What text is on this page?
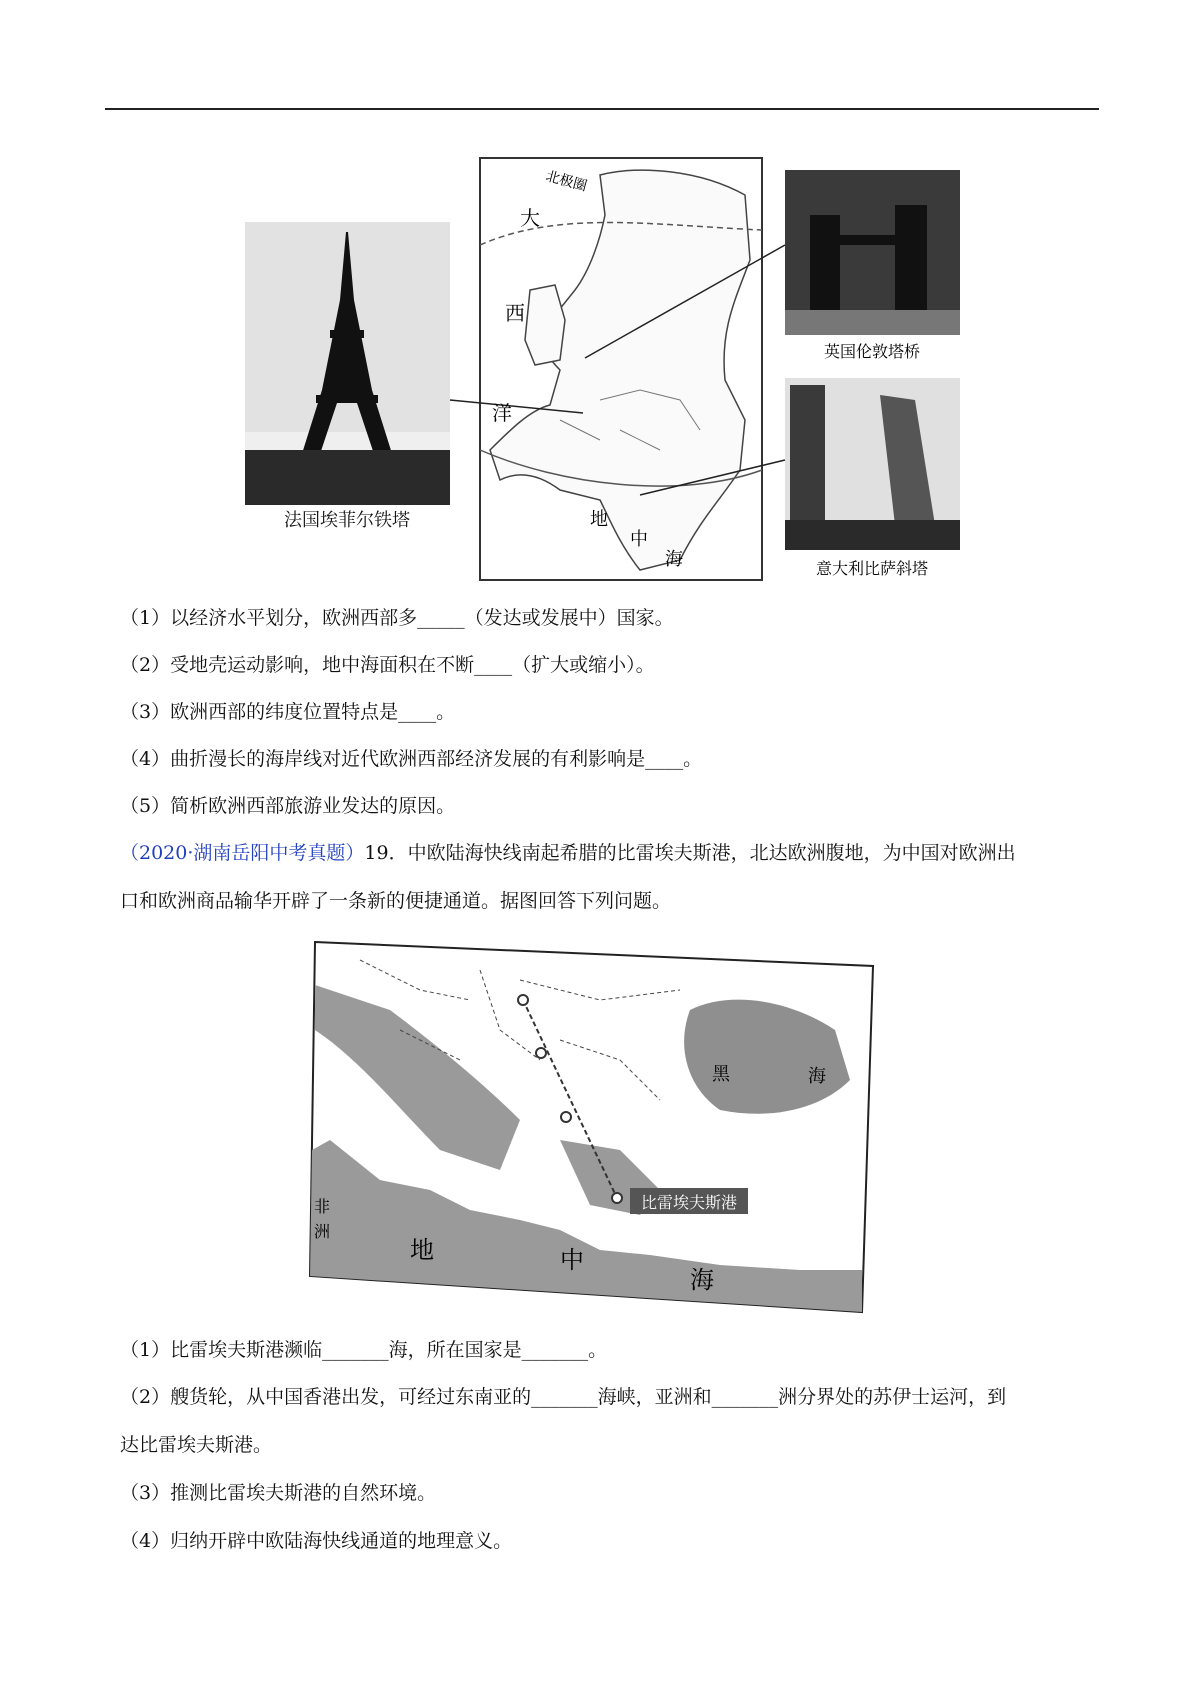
法国埃菲尔铁塔
北极圈
大
西
洋
地
中
海
英国伦敦塔桥
意大利比萨斜塔
（1）以经济水平划分，欧洲西部多_____（发达或发展中）国家。
（2）受地壳运动影响，地中海面积在不断____（扩大或缩小）。
（3）欧洲西部的纬度位置特点是____。
（4）曲折漫长的海岸线对近代欧洲西部经济发展的有利影响是____。
（5）简析欧洲西部旅游业发达的原因。
（2020·湖南岳阳中考真题）19．中欧陆海快线南起希腊的比雷埃夫斯港，北达欧洲腹地，为中国对欧洲出
口和欧洲商品输华开辟了一条新的便捷通道。据图回答下列问题。
比雷埃夫斯港
黑	海
非
洲
地	中
海
（1）比雷埃夫斯港濒临_______海，所在国家是_______。
（2）艘货轮，从中国香港出发，可经过东南亚的_______海峡，亚洲和_______洲分界处的苏伊士运河，到
达比雷埃夫斯港。
（3）推测比雷埃夫斯港的自然环境。
（4）归纳开辟中欧陆海快线通道的地理意义。
